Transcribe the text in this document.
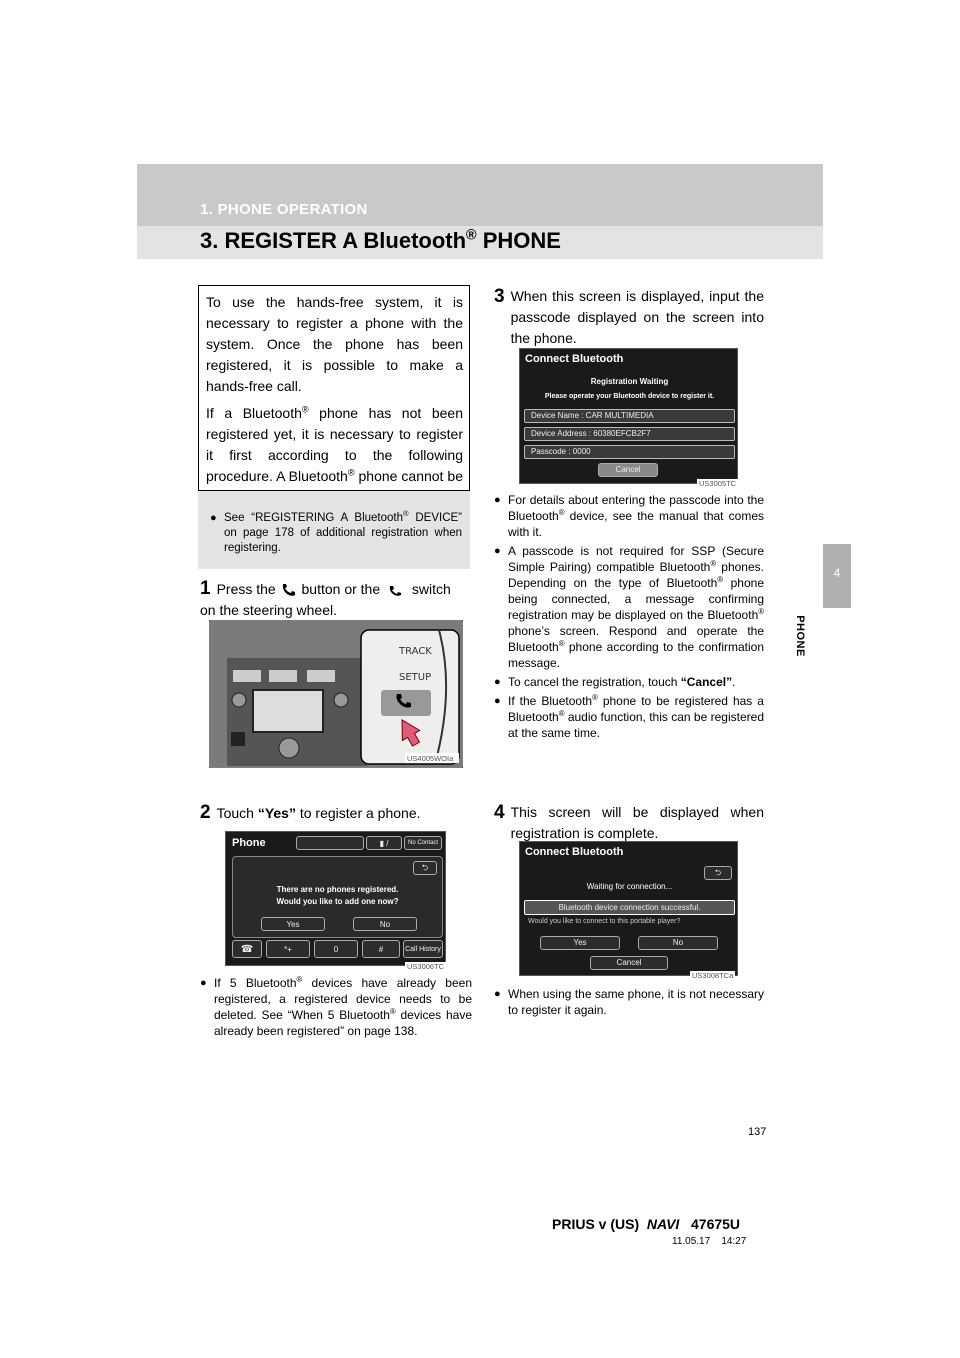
1. PHONE OPERATION
3. REGISTER A Bluetooth® PHONE
4
PHONE

To use the hands-free system, it is necessary to register a phone with the system. Once the phone has been registered, it is possible to make a hands-free call.

If a Bluetooth® phone has not been registered yet, it is necessary to register it first according to the following procedure. A Bluetooth® phone cannot be

● See “REGISTERING A Bluetooth® DEVICE” on page 178 of additional registration when registering.
1 Press the button or the switch on the steering wheel.
TRACK
SETUP
US4005WOIa
2 Touch “Yes” to register a phone.
Phone	▮ /	No Contact
⮌
There are no phones registered.
Would you like to add one now?
Yes	No
☎	*+	0	#	Call History
US3006TC
● If 5 Bluetooth® devices have already been registered, a registered device needs to be deleted. See “When 5 Bluetooth® devices have already been registered” on page 138.
3 When this screen is displayed, input the passcode displayed on the screen into the phone.
Connect Bluetooth
Registration Waiting
Please operate your Bluetooth device to register it.
Device Name : CAR MULTIMEDIA
Device Address : 60380EFCB2F7
Passcode : 0000
Cancel
US3005TC
● For details about entering the passcode into the Bluetooth® device, see the manual that comes with it.
● A passcode is not required for SSP (Secure Simple Pairing) compatible Bluetooth® phones. Depending on the type of Bluetooth® phone being connected, a message confirming registration may be displayed on the Bluetooth® phone’s screen. Respond and operate the Bluetooth® phone according to the confirmation message.
● To cancel the registration, touch “Cancel”.
● If the Bluetooth® phone to be registered has a Bluetooth® audio function, this can be registered at the same time.
4 This screen will be displayed when registration is complete.
Connect Bluetooth
⮌
Waiting for connection...
Bluetooth device connection successful.
Would you like to connect to this portable player?
Yes	No
Cancel
US3008TCa
● When using the same phone, it is not necessary to register it again.
137
PRIUS v (US) NAVI 47675U
11.05.17 14:27
